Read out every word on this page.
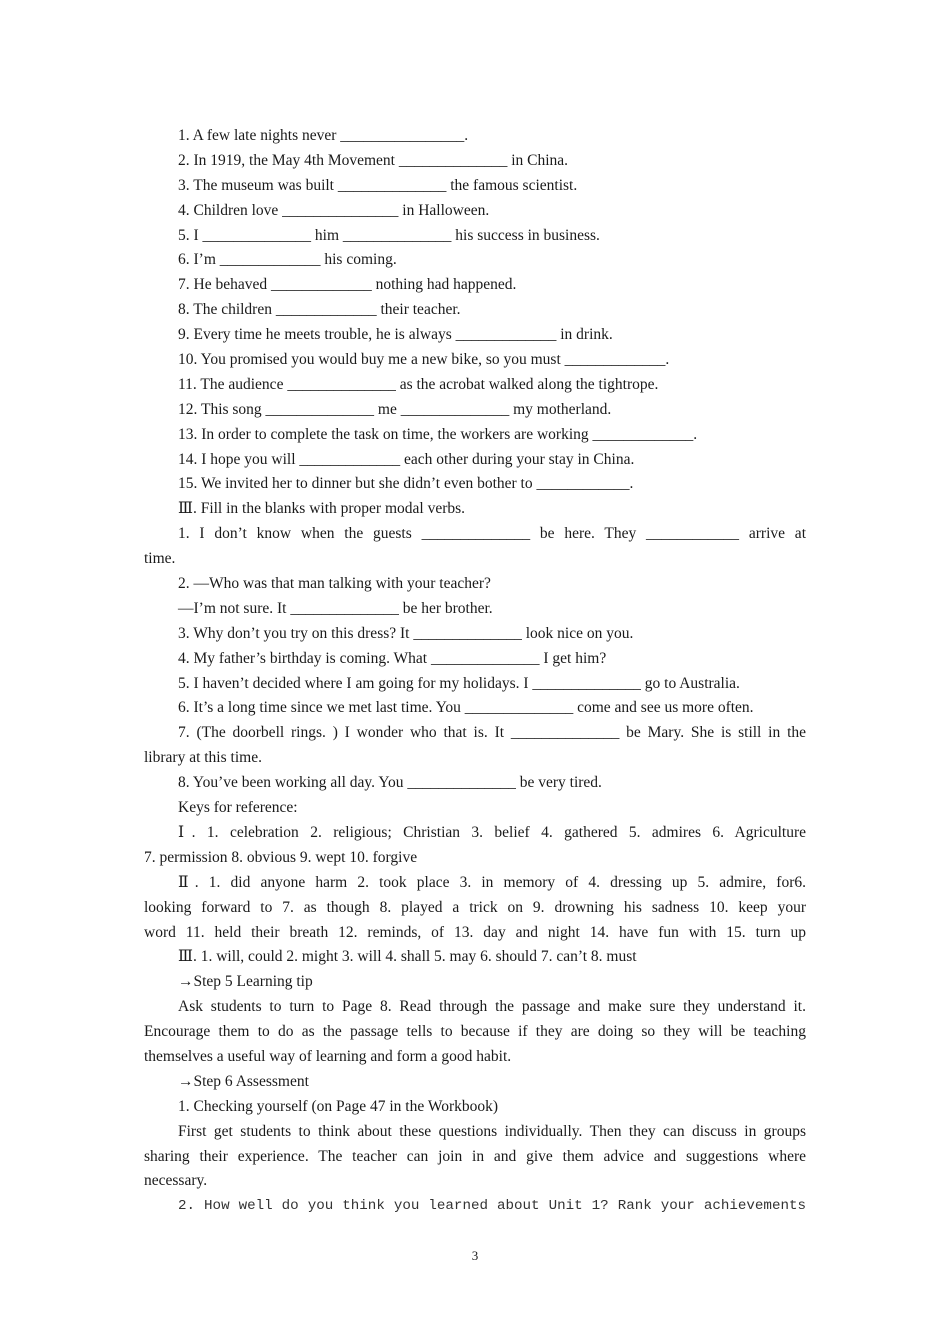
1. A few late nights never ________________.
2. In 1919, the May 4th Movement ______________ in China.
3. The museum was built ______________ the famous scientist.
4. Children love _______________ in Halloween.
5. I ______________ him ______________ his success in business.
6. I’m _____________ his coming.
7. He behaved _____________ nothing had happened.
8. The children _____________ their teacher.
9. Every time he meets trouble, he is always _____________ in drink.
10. You promised you would buy me a new bike, so you must _____________.
11. The audience ______________ as the acrobat walked along the tightrope.
12. This song ______________ me ______________ my motherland.
13. In order to complete the task on time, the workers are working _____________.
14. I hope you will _____________ each other during your stay in China.
15. We invited her to dinner but she didn’t even bother to ____________.
Ⅲ. Fill in the blanks with proper modal verbs.
1. I don’t know when the guests ______________ be here. They ____________ arrive at
time.
2. —Who was that man talking with your teacher?
—I’m not sure. It ______________ be her brother.
3. Why don’t you try on this dress? It ______________ look nice on you.
4. My father’s birthday is coming. What ______________ I get him?
5. I haven’t decided where I am going for my holidays. I ______________ go to Australia.
6. It’s a long time since we met last time. You ______________ come and see us more often.
7. (The doorbell rings. ) I wonder who that is. It ______________ be Mary. She is still in the
library at this time.
8. You’ve been working all day. You ______________ be very tired.
Keys for reference:
Ⅰ. 1. celebration 2. religious; Christian 3. belief 4. gathered 5. admires 6. Agriculture
7. permission 8. obvious 9. wept 10. forgive
Ⅱ. 1. did anyone harm 2. took place 3. in memory of 4. dressing up 5. admire, for6.
looking forward to 7. as though 8. played a trick on 9. drowning his sadness 10. keep your
word 11. held their breath 12. reminds, of 13. day and night 14. have fun with 15. turn up
Ⅲ. 1. will, could 2. might 3. will 4. shall 5. may 6. should 7. can’t 8. must
→Step 5 Learning tip
Ask students to turn to Page 8. Read through the passage and make sure they understand it.
Encourage them to do as the passage tells to because if they are doing so they will be teaching
themselves a useful way of learning and form a good habit.
→Step 6 Assessment
1. Checking yourself (on Page 47 in the Workbook)
First get students to think about these questions individually. Then they can discuss in groups
sharing their experience. The teacher can join in and give them advice and suggestions where
necessary.
2. How well do you think you learned about Unit 1? Rank your achievements
3
